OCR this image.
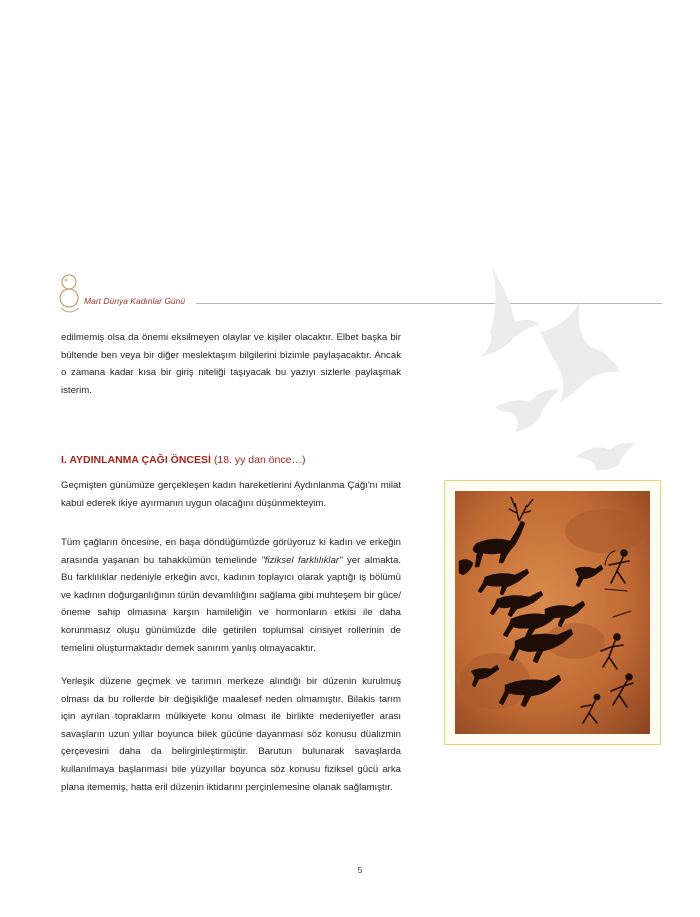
Mart Dünya Kadınlar Günü

edilmemiş olsa da önemi eksilmeyen olaylar ve kişiler olacaktır. Elbet başka bir bültende ben veya bir diğer meslektaşım bilgilerini bizimle paylaşacaktır. Ancak o zamana kadar kısa bir giriş niteliği taşıyacak bu yazıyı sizlerle paylaşmak isterim.

I. AYDINLANMA ÇAĞI ÖNCESİ (18. yy dan önce…)

Geçmişten günümüze gerçekleşen kadın hareketlerini Aydınlanma Çağı'nı milat kabul ederek ikiye ayırmanın uygun olacağını düşünmekteyim.

Tüm çağların öncesine, en başa döndüğümüzde görüyoruz ki kadın ve erkeğin arasında yaşanan bu tahakkümün temelinde "fiziksel farklılıklar" yer almakta. Bu farklılıklar nedeniyle erkeğin avcı, kadının toplayıcı olarak yaptığı iş bölümü ve kadının doğurganlığının türün devamlılığını sağlama gibi muhteşem bir güce/öneme sahip olmasına karşın hamileliğin ve hormonların etkisi ile daha korunmasız oluşu günümüzde dile getirilen toplumsal cinsiyet rollerinin de temelini oluşturmaktadır demek sanırım yanlış olmayacaktır.

Yerleşik düzene geçmek ve tarımın merkeze alındığı bir düzenin kurulmuş olması da bu rollerde bir değişikliğe maalesef neden olmamıştır. Bilakis tarım için ayrılan toprakların mülkiyete konu olması ile birlikte medeniyetler arası savaşların uzun yıllar boyunca bilek gücüne dayanması söz konusu düalizmin çerçevesini daha da belirginleştirmiştir. Barutun bulunarak savaşlarda kullanılmaya başlanması bile yüzyıllar boyunca söz konusu fiziksel gücü arka plana itememiş, hatta eril düzenin iktidarını perçinlemesine olanak sağlamıştır.

5
